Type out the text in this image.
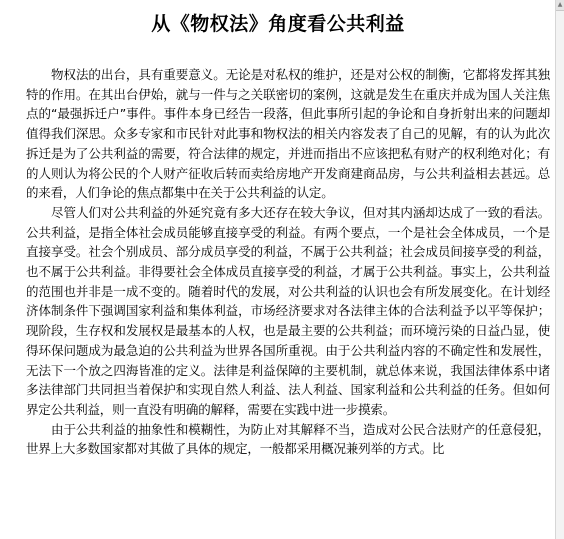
从《物权法》角度看公共利益

物权法的出台，具有重要意义。无论是对私权的维护，还是对公权的制衡，它都将发挥其独特的作用。在其出台伊始，就与一件与之关联密切的案例，这就是发生在重庆并成为国人关注焦点的“最强拆迁户”事件。事件本身已经告一段落，但此事所引起的争论和自身折射出来的问题却值得我们深思。众多专家和市民针对此事和物权法的相关内容发表了自己的见解，有的认为此次拆迁是为了公共利益的需要，符合法律的规定，并进而指出不应该把私有财产的权利绝对化；有的人则认为将公民的个人财产征收后转而卖给房地产开发商建商品房，与公共利益相去甚远。总的来看，人们争论的焦点都集中在关于公共利益的认定。

尽管人们对公共利益的外延究竟有多大还存在较大争议，但对其内涵却达成了一致的看法。公共利益，是指全体社会成员能够直接享受的利益。有两个要点，一个是社会全体成员，一个是直接享受。社会个别成员、部分成员享受的利益，不属于公共利益；社会成员间接享受的利益，也不属于公共利益。非得要社会全体成员直接享受的利益，才属于公共利益。事实上，公共利益的范围也并非是一成不变的。随着时代的发展，对公共利益的认识也会有所发展变化。在计划经济体制条件下强调国家利益和集体利益，市场经济要求对各法律主体的合法利益予以平等保护；现阶段，生存权和发展权是最基本的人权，也是最主要的公共利益；而环境污染的日益凸显，使得环保问题成为最急迫的公共利益为世界各国所重视。由于公共利益内容的不确定性和发展性，无法下一个放之四海皆准的定义。法律是利益保障的主要机制，就总体来说，我国法律体系中诸多法律部门共同担当着保护和实现自然人利益、法人利益、国家利益和公共利益的任务。但如何界定公共利益，则一直没有明确的解释，需要在实践中进一步摸索。

由于公共利益的抽象性和模糊性，为防止对其解释不当，造成对公民合法财产的任意侵犯，世界上大多数国家都对其做了具体的规定，一般都采用概况兼列举的方式。比

▲
